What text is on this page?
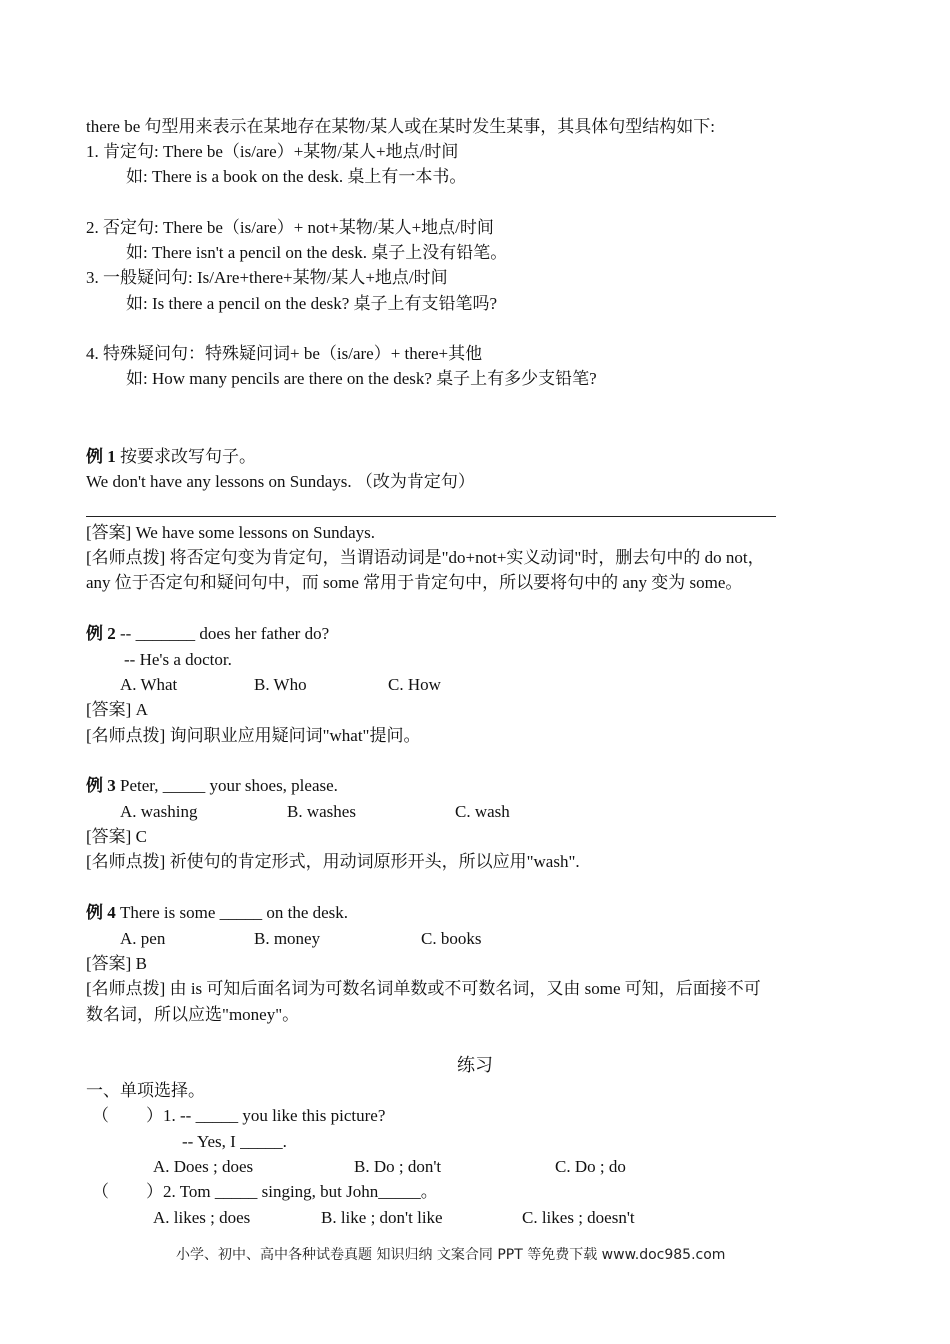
there be 句型用来表示在某地存在某物/某人或在某时发生某事，其具体句型结构如下:
1. 肯定句: There be（is/are）+某物/某人+地点/时间
如: There is a book on the desk. 桌上有一本书。
2. 否定句: There be（is/are）+ not+某物/某人+地点/时间
如: There isn't a pencil on the desk. 桌子上没有铅笔。
3. 一般疑问句: Is/Are+there+某物/某人+地点/时间
如: Is there a pencil on the desk? 桌子上有支铅笔吗?
4. 特殊疑问句：特殊疑问词+ be（is/are）+ there+其他
如: How many pencils are there on the desk? 桌子上有多少支铅笔?
例 1 按要求改写句子。
We don't have any lessons on Sundays. （改为肯定句）
[答案] We have some lessons on Sundays.
[名师点拨] 将否定句变为肯定句，当谓语动词是"do+not+实义动词"时，删去句中的 do not，
any 位于否定句和疑问句中，而 some 常用于肯定句中，所以要将句中的 any 变为 some。
例 2 -- _______ does her father do?
-- He's a doctor.
A. What	B. Who	C. How
[答案] A
[名师点拨] 询问职业应用疑问词"what"提问。
例 3 Peter, _____ your shoes, please.
A. washing	B. washes	C. wash
[答案] C
[名师点拨] 祈使句的肯定形式，用动词原形开头，所以应用"wash".
例 4 There is some _____ on the desk.
A. pen	B. money	C. books
[答案] B
[名师点拨] 由 is 可知后面名词为可数名词单数或不可数名词，又由 some 可知，后面接不可
数名词，所以应选"money"。
练习
一、单项选择。
（ ）1. -- _____ you like this picture?
-- Yes, I _____.
A. Does ; does	B. Do ; don't	C. Do ; do
（ ）2. Tom _____ singing, but John_____。
A. likes ; does	B. like ; don't like	C. likes ; doesn't
小学、初中、高中各种试卷真题 知识归纳 文案合同 PPT 等免费下载 www.doc985.com
